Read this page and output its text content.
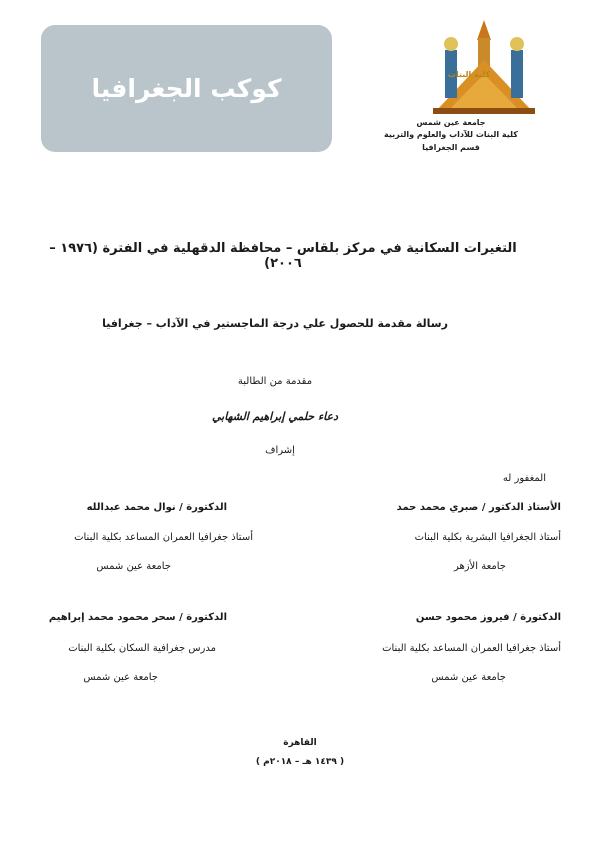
كوكب الجغرافيا	كلية البنات
جامعة عين شمس
كلية البنات للآداب والعلوم والتربية
قسم الجغرافيا
التغيرات السكانية في مركز بلقاس – محافظة الدقهلية في الفترة (١٩٧٦ – ٢٠٠٦)
رسالة مقدمة للحصول علي درجة الماجستير في الآداب – جغرافيا
مقدمة من الطالبة
دعاء حلمي إبراهيم الشهابي
إشراف
المغفور له
الأستاذ الدكتور / صبري محمد حمد
أستاذ الجغرافيا البشرية بكلية البنات
جامعة الأزهر
الدكتورة / نوال محمد عبدالله
أستاذ جغرافيا العمران المساعد بكلية البنات
جامعة عين شمس
الدكتورة / فيروز محمود حسن
أستاذ جغرافيا العمران المساعد بكلية البنات
جامعة عين شمس
الدكتورة / سحر محمود محمد إبراهيم
مدرس جغرافية السكان بكلية البنات
جامعة عين شمس
القاهرة
( ١٤٣٩ هـ – ٢٠١٨م )
